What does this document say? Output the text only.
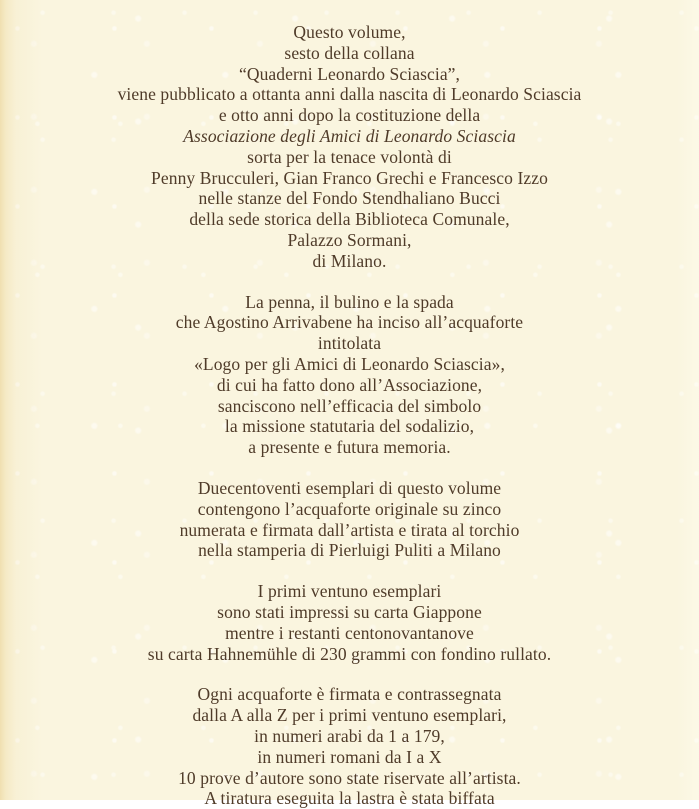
Questo volume,
sesto della collana
“Quaderni Leonardo Sciascia”,
viene pubblicato a ottanta anni dalla nascita di Leonardo Sciascia
e otto anni dopo la costituzione della
Associazione degli Amici di Leonardo Sciascia
sorta per la tenace volontà di
Penny Brucculeri, Gian Franco Grechi e Francesco Izzo
nelle stanze del Fondo Stendhaliano Bucci
della sede storica della Biblioteca Comunale,
Palazzo Sormani,
di Milano.
La penna, il bulino e la spada
che Agostino Arrivabene ha inciso all’acquaforte
intitolata
«Logo per gli Amici di Leonardo Sciascia»,
di cui ha fatto dono all’Associazione,
sanciscono nell’efficacia del simbolo
la missione statutaria del sodalizio,
a presente e futura memoria.
Duecentoventi esemplari di questo volume
contengono l’acquaforte originale su zinco
numerata e firmata dall’artista e tirata al torchio
nella stamperia di Pierluigi Puliti a Milano
I primi ventuno esemplari
sono stati impressi su carta Giappone
mentre i restanti centonovantanove
su carta Hahnemühle di 230 grammi con fondino rullato.
Ogni acquaforte è firmata e contrassegnata
dalla A alla Z per i primi ventuno esemplari,
in numeri arabi da 1 a 179,
in numeri romani da I a X
10 prove d’autore sono state riservate all’artista.
A tiratura eseguita la lastra è stata biffata
